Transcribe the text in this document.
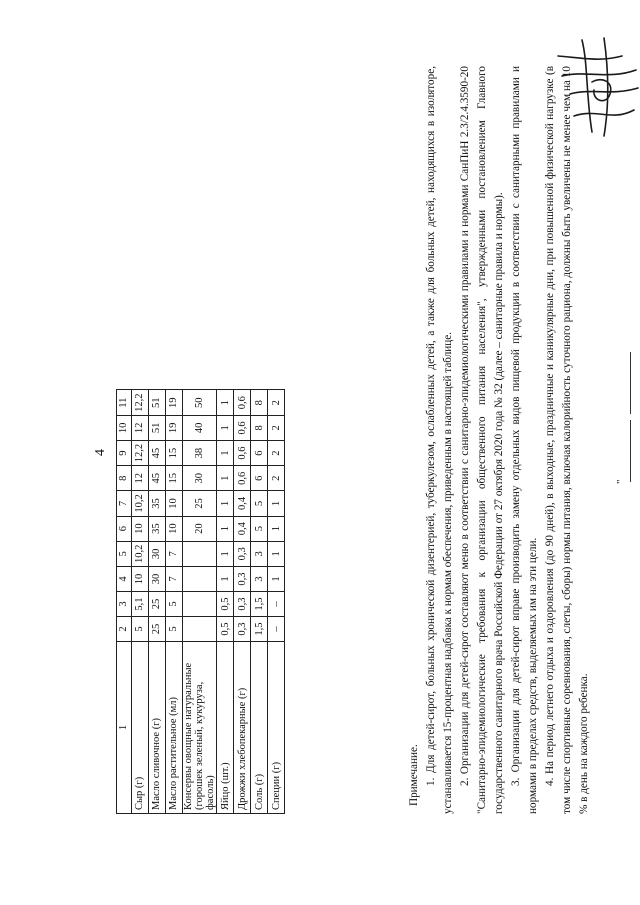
4
1	2	3	4	5	6	7	8	9	10	11
Сыр (г)	5	5,1	10	10,2	10	10,2	12	12,2	12	12,2
Масло сливочное (г)	25	25	30	30	35	35	45	45	51	51
Масло растительное (мл)	5	5	7	7	10	10	15	15	19	19
Консервы овощные натуральные (горошек зеленый, кукуруза, фасоль)					20	25	30	38	40	50
Яйцо (шт.)	0,5	0,5	1	1	1	1	1	1	1	1
Дрожжи хлебопекарные (г)	0,3	0,3	0,3	0,3	0,4	0,4	0,6	0,6	0,6	0,6
Соль (г)	1,5	1,5	3	3	5	5	6	6	8	8
Специи (г)	–	–	1	1	1	1	2	2	2	2

Примечание. 1. Для детей-сирот, больных хронической дизентерией, туберкулезом, ослабленных детей, а также для больных детей, находящихся в изоляторе, устанавливается 15-процентная надбавка к нормам обеспечения, приведенным в настоящей таблице. 2. Организации для детей-сирот составляют меню в соответствии с санитарно-эпидемиологическими правилами и нормами СанПиН 2.3/2.4.3590-20 "Санитарно-эпидемиологические требования к организации общественного питания населения", утвержденными постановлением Главного государственного санитарного врача Российской Федерации от 27 октября 2020 года № 32 (далее – санитарные правила и нормы). 3. Организации для детей-сирот вправе производить замену отдельных видов пищевой продукции в соответствии с санитарными правилами и нормами в пределах средств, выделяемых им на эти цели. 4. На период летнего отдыха и оздоровления (до 90 дней), в выходные, праздничные и каникулярные дни, при повышенной физической нагрузке (в том числе спортивные соревнования, слеты, сборы) нормы питания, включая калорийность суточного рациона, должны быть увеличены не менее чем на 10 % в день на каждого ребенка.

"
